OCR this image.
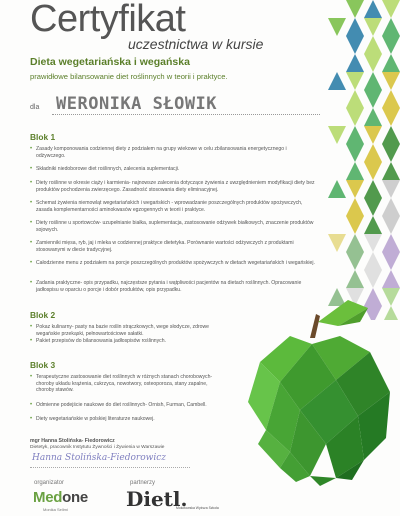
Certyfikat
uczestnictwa w kursie
Dieta wegetariańska i wegańska
prawidłowe bilansowanie diet roślinnych w teorii i praktyce.
dla WERONIKA SŁOWIK
Blok 1
• Zasady komponowania codziennej diety z podziałem na grupy wiekowe w celu zbilansowania energetycznego i odżywczego.
• Składniki niedoborowe diet roślinnych, zalecenia suplementacji.
• Diety roślinne w okresie ciąży i karmienia- najnowsze zalecenia dotyczące żywienia z uwzględnieniem modyfikacji diety bez produktów pochodzenia zwierzęcego. Zasadność stosowania diety eliminacyjnej.
• Schemat żywienia niemowląt wegetariańskich i wegańskich - wprowadzanie poszczególnych produktów spożywczych, zasada komplementarności aminokwasów egzogennych w teorii i praktyce.
• Diety roślinne u sportowców- uzupełnianie białka, suplementacja, zastosowanie odżywek białkowych, znaczenie produktów sojowych.
• Zamienniki mięsa, ryb, jaj i mleka w codziennej praktyce dietetyka. Porównanie wartości odżywczych z produktami stosowanymi w diecie tradycyjnej.
• Całodzienne menu z podziałem na porcje poszczególnych produktów spożywczych w dietach wegetariańskich i wegańskiej.
• Zadania praktyczne- opis przypadku, najczęstsze pytania i wątpliwości pacjentów na dietach roślinnych. Opracowanie jadłospisu w oparciu o porcje i dobór produktów, opis przypadku.
Blok 2
• Pokaz kulinarny- pasty na bazie roślin strączkowych, wege słodycze, zdrowe wegańskie przekąski, pełnowartościowe sałatki.
• Pakiet przepisów do bilansowania jadłospisów roślinnych.
Blok 3
• Terapeutyczne zastosowanie diet roślinnych w różnych stanach chorobowych- choroby układu krążenia, cukrzyca, nowotwory, osteoporoza, stany zapalne, choroby stawów.
• Odmienne podejście naukowe do diet roślinnych- Ornish, Furman, Cambell.
• Diety wegetariańskie w polskiej literaturze naukowej.
mgr Hanna Stolińska- Fiedorowicz
Dietetyk, pracownik Instytutu Żywności i Żywienia w Warszawie
Hanna Stolińska-Fiedorowicz
organizator
Medone
Monika Sellmi
partnerzy
Dietl.
Mokotowska Wyższa Szkoła
